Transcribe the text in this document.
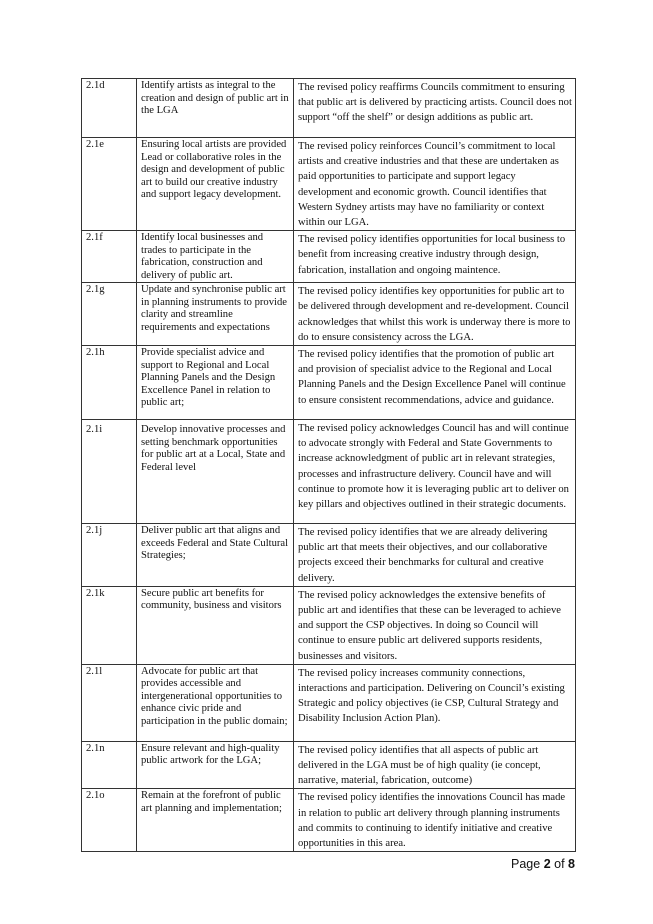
2.1d	Identify artists as integral to the creation and design of public art in the LGA	The revised policy reaffirms Councils commitment to ensuring that public art is delivered by practicing artists. Council does not support “off the shelf” or design additions as public art.
2.1e	Ensuring local artists are provided Lead or collaborative roles in the design and development of public art to build our creative industry and support legacy development.	The revised policy reinforces Council’s commitment to local artists and creative industries and that these are undertaken as paid opportunities to participate and support legacy development and economic growth. Council identifies that Western Sydney artists may have no familiarity or context within our LGA.
2.1f	Identify local businesses and trades to participate in the fabrication, construction and delivery of public art.	The revised policy identifies opportunities for local business to benefit from increasing creative industry through design, fabrication, installation and ongoing maintence.
2.1g	Update and synchronise public art in planning instruments to provide clarity and streamline requirements and expectations	The revised policy identifies key opportunities for public art to be delivered through development and re-development. Council acknowledges that whilst this work is underway there is more to do to ensure consistency across the LGA.
2.1h	Provide specialist advice and support to Regional and Local Planning Panels and the Design Excellence Panel in relation to public art;	The revised policy identifies that the promotion of public art and provision of specialist advice to the Regional and Local Planning Panels and the Design Excellence Panel will continue to ensure consistent recommendations, advice and guidance.
2.1i	Develop innovative processes and setting benchmark opportunities for public art at a Local, State and Federal level	The revised policy acknowledges Council has and will continue to advocate strongly with Federal and State Governments to increase acknowledgment of public art in relevant strategies, processes and infrastructure delivery. Council have and will continue to promote how it is leveraging public art to deliver on key pillars and objectives outlined in their strategic documents.
2.1j	Deliver public art that aligns and exceeds Federal and State Cultural Strategies;	The revised policy identifies that we are already delivering public art that meets their objectives, and our collaborative projects exceed their benchmarks for cultural and creative delivery.
2.1k	Secure public art benefits for community, business and visitors	The revised policy acknowledges the extensive benefits of public art and identifies that these can be leveraged to achieve and support the CSP objectives. In doing so Council will continue to ensure public art delivered supports residents, businesses and visitors.
2.1l	Advocate for public art that provides accessible and intergenerational opportunities to enhance civic pride and participation in the public domain;	The revised policy increases community connections, interactions and participation. Delivering on Council’s existing Strategic and policy objectives (ie CSP, Cultural Strategy and Disability Inclusion Action Plan).
2.1n	Ensure relevant and high-quality public artwork for the LGA;	The revised policy identifies that all aspects of public art delivered in the LGA must be of high quality (ie concept, narrative, material, fabrication, outcome)
2.1o	Remain at the forefront of public art planning and implementation;	The revised policy identifies the innovations Council has made in relation to public art delivery through planning instruments and commits to continuing to identify initiative and creative opportunities in this area.
Page 2 of 8
